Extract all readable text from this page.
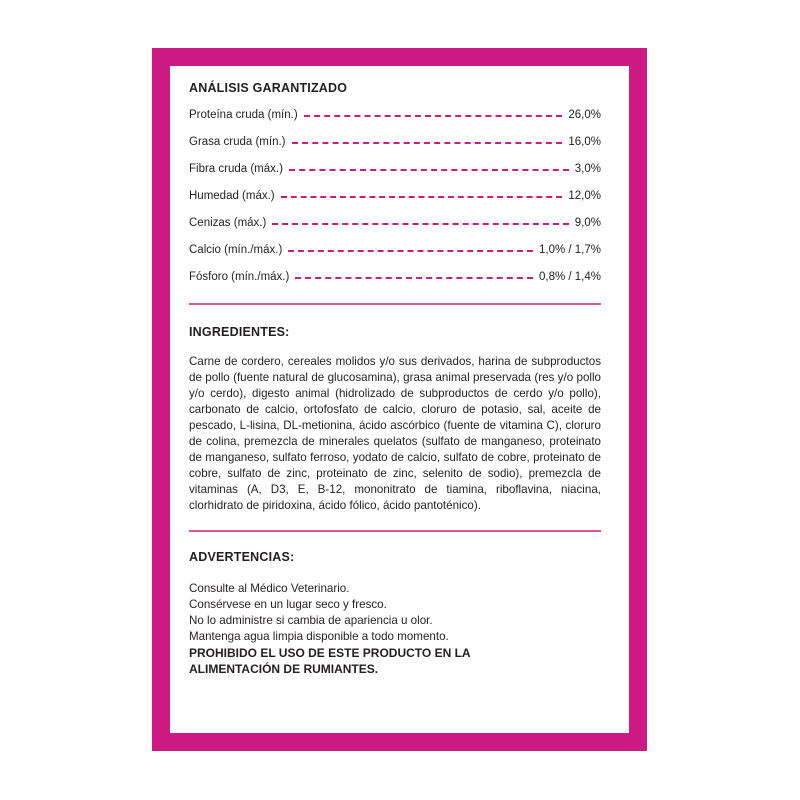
ANÁLISIS GARANTIZADO
Proteína cruda (mín.)	26,0%
Grasa cruda (mín.)	16,0%
Fibra cruda (máx.)	3,0%
Humedad (máx.)	12,0%
Cenizas (máx.)	9,0%
Calcio (mín./máx.)	1,0% / 1,7%
Fósforo (mín./máx.)	0,8% / 1,4%
INGREDIENTES:
Carne de cordero, cereales molidos y/o sus derivados, harina de subproductos de pollo (fuente natural de glucosamina), grasa animal preservada (res y/o pollo y/o cerdo), digesto animal (hidrolizado de subproductos de cerdo y/o pollo), carbonato de calcio, ortofosfato de calcio, cloruro de potasio, sal, aceite de pescado, L-lisina, DL-metionina, ácido ascórbico (fuente de vitamina C), cloruro de colina, premezcla de minerales quelatos (sulfato de manganeso, proteinato de manganeso, sulfato ferroso, yodato de calcio, sulfato de cobre, proteinato de cobre, sulfato de zinc, proteinato de zinc, selenito de sodio), premezcla de vitaminas (A, D3, E, B-12, mononitrato de tiamina, riboflavina, niacina, clorhidrato de piridoxina, ácido fólico, ácido pantoténico).
ADVERTENCIAS:
Consulte al Médico Veterinario.
Consérvese en un lugar seco y fresco.
No lo administre si cambia de apariencia u olor.
Mantenga agua limpia disponible a todo momento.
PROHIBIDO EL USO DE ESTE PRODUCTO EN LA
ALIMENTACIÓN DE RUMIANTES.
